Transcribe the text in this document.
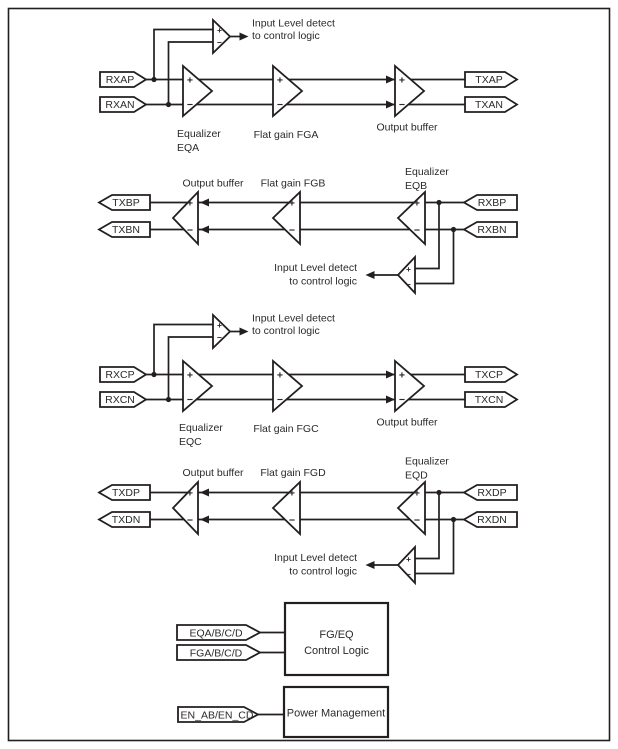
RXAP
RXAN
TXAP
TXAN
+
−
+
−
+
−
+
−
Equalizer
EQA
Flat gain FGA
Output buffer
Input Level detect
to control logic
RXBP
RXBN
TXBP
TXBN
+
−
+
−
+
−
+
−
Equalizer
EQB
Flat gain FGB
Output buffer
Input Level detect
to control logic
RXCP
RXCN
TXCP
TXCN
+
−
+
−
+
−
+
−
Equalizer
EQC
Flat gain FGC
Output buffer
Input Level detect
to control logic
RXDP
RXDN
TXDP
TXDN
+
−
+
−
+
−
+
−
Equalizer
EQD
Flat gain FGD
Output buffer
Input Level detect
to control logic
EQA/B/C/D
FGA/B/C/D
FG/EQ
Control Logic
EN_AB/EN_CD	Power Management
